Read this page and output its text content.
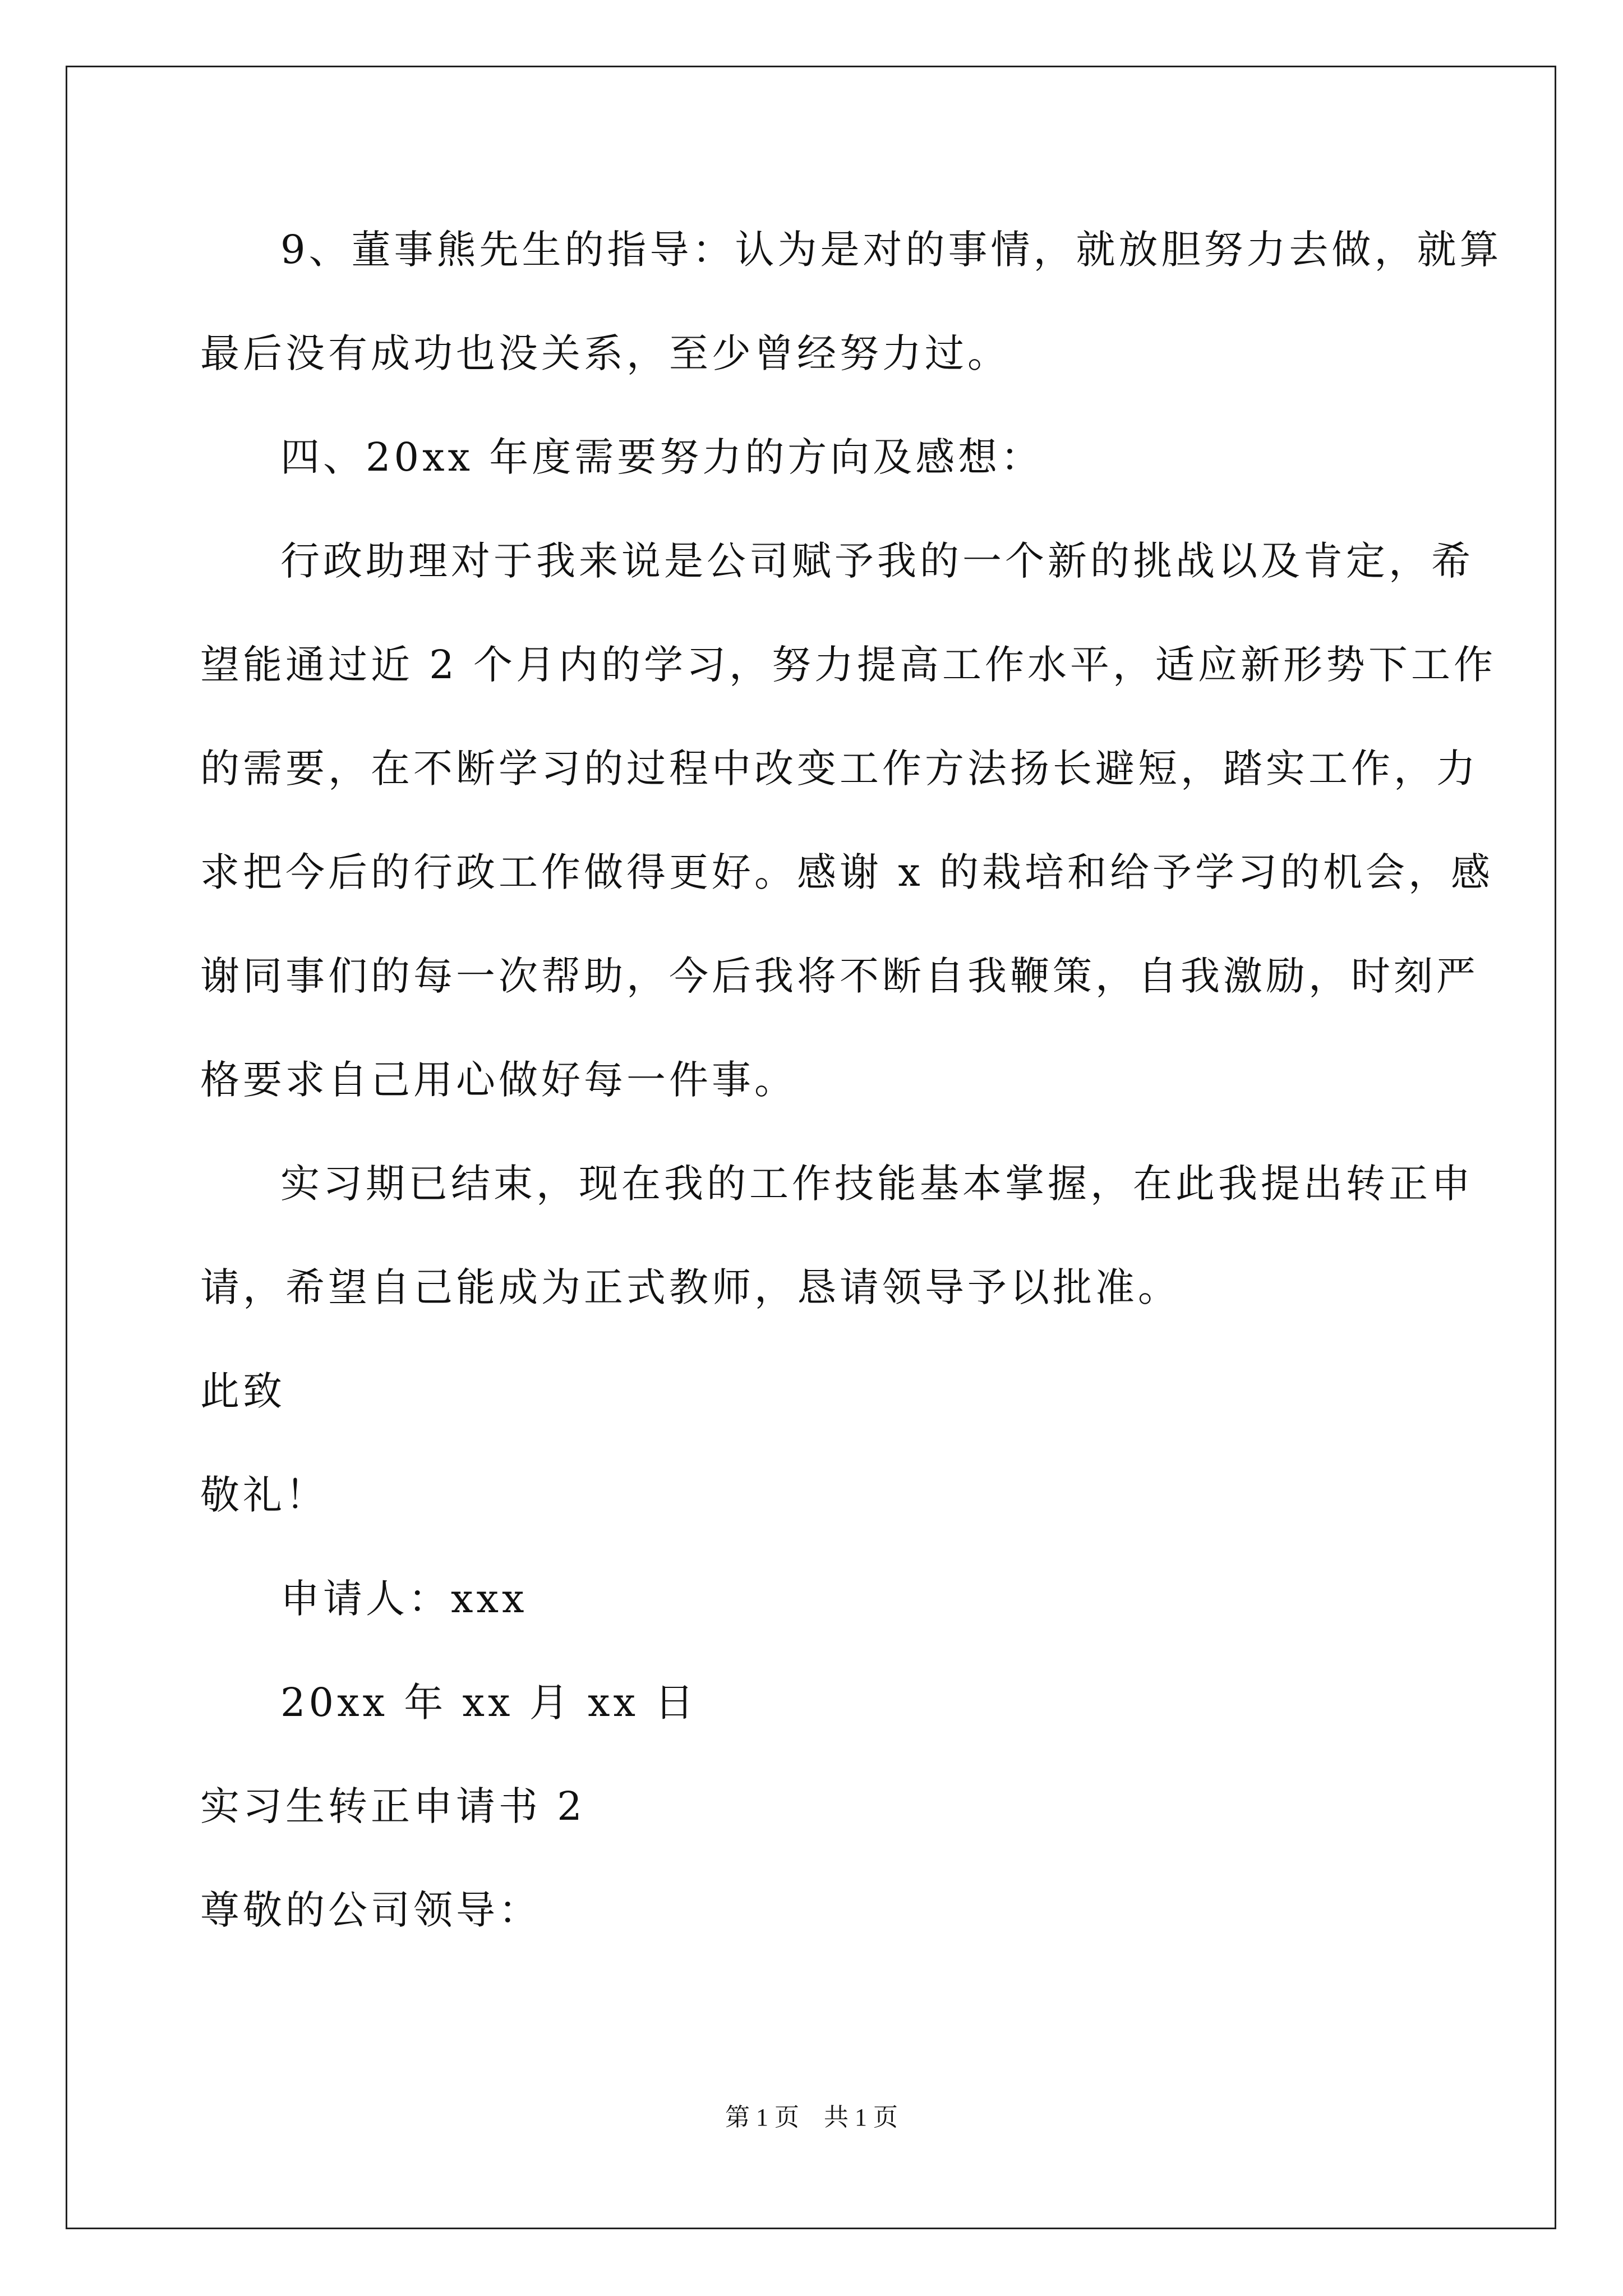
9、董事熊先生的指导：认为是对的事情，就放胆努力去做，就算
最后没有成功也没关系，至少曾经努力过。
四、20xx 年度需要努力的方向及感想：
行政助理对于我来说是公司赋予我的一个新的挑战以及肯定，希
望能通过近 2 个月内的学习，努力提高工作水平，适应新形势下工作
的需要，在不断学习的过程中改变工作方法扬长避短，踏实工作，力
求把今后的行政工作做得更好。感谢 x 的栽培和给予学习的机会，感
谢同事们的每一次帮助，今后我将不断自我鞭策，自我激励，时刻严
格要求自己用心做好每一件事。
实习期已结束，现在我的工作技能基本掌握，在此我提出转正申
请，希望自己能成为正式教师，恳请领导予以批准。
此致
敬礼！
申请人：xxx
20xx 年 xx 月 xx 日
实习生转正申请书 2
尊敬的公司领导：
第 1 页　共 1 页
